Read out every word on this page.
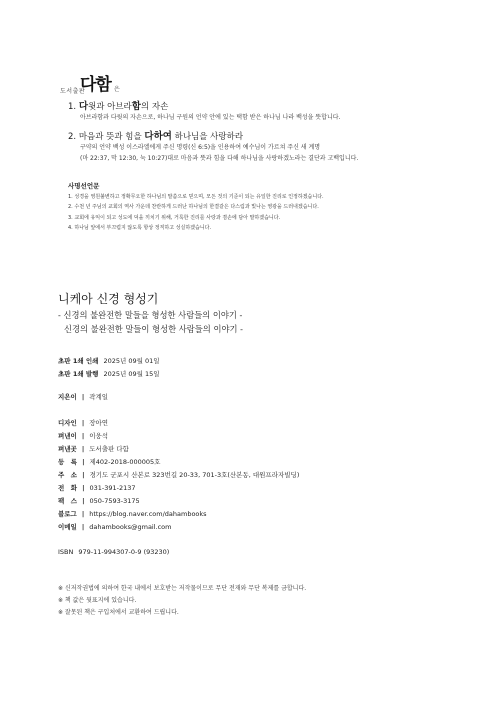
도서출판
다함 은
1. 다윗과 아브라함의 자손
아브라함과 다윗의 자손으로, 하나님 구원의 언약 안에 있는 택함 받은 하나님 나라 백성을 뜻합니다.
2. 마음과 뜻과 힘을 다하여 하나님을 사랑하라
구약의 언약 백성 이스라엘에게 주신 명령(신 6:5)을 인용하여 예수님이 가르쳐 주신 새 계명
(마 22:37, 막 12:30, 눅 10:27)대로 마음과 뜻과 힘을 다해 하나님을 사랑하겠노라는 결단과 고백입니다.
사명선언문
1. 성경을 영원불변하고 정확무오한 하나님의 말씀으로 믿으며, 모든 것의 기준이 되는 유일한 진리로 인정하겠습니다.
2. 수천 년 주님의 교회의 역사 가운데 찬란하게 드러난 하나님의 한결같은 다스림과 빛나는 영광을 드러내겠습니다.
3. 교회에 유익이 되고 성도에 덕을 끼치기 위해, 거룩한 진리를 사랑과 겸손에 담아 말하겠습니다.
4. 하나님 앞에서 부끄럽지 않도록 항상 정직하고 성실하겠습니다.
니케아 신경 형성기
- 신경의 불완전한 말들을 형성한 사람들의 이야기 -
신경의 불완전한 말들이 형성한 사람들의 이야기 -
초판 1쇄 인쇄 2025년 09월 01일
초판 1쇄 발행 2025년 09월 15일
지은이 | 곽계일
디자인 | 장아연
펴낸이 | 이웅석
펴낸곳 | 도서출판 다함
등　록 | 제402-2018-000005호
주　소 | 경기도 군포시 산본로 323번길 20-33, 701-3호(산본동, 대원프라자빌딩)
전　화 | 031-391-2137
팩　스 | 050-7593-3175
블로그 | https://blog.naver.com/dahambooks
이메일 | dahambooks@gmail.com
ISBN 979-11-994307-0-9 (93230)
※ 신저작권법에 의하여 한국 내에서 보호받는 저작물이므로 무단 전재와 무단 복제를 금합니다.
※ 책 값은 뒷표지에 있습니다.
※ 잘못된 책은 구입처에서 교환하여 드립니다.
